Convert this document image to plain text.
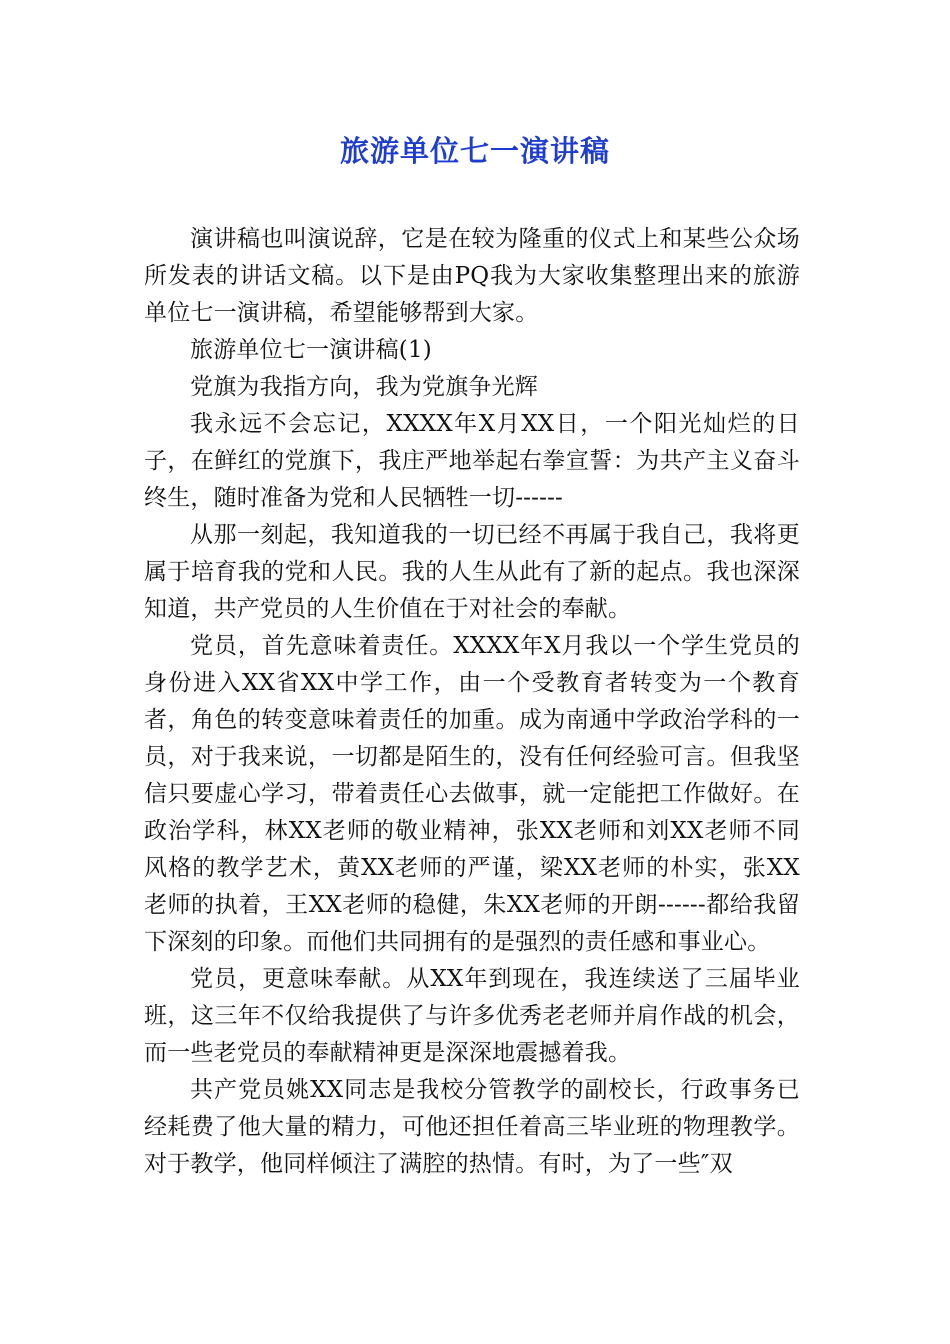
旅游单位七一演讲稿

演讲稿也叫演说辞，它是在较为隆重的仪式上和某些公众场所发表的讲话文稿。以下是由PQ我为大家收集整理出来的旅游单位七一演讲稿，希望能够帮到大家。

旅游单位七一演讲稿(1)

党旗为我指方向，我为党旗争光辉

我永远不会忘记，XXXX年X月XX日，一个阳光灿烂的日子，在鲜红的党旗下，我庄严地举起右拳宣誓：为共产主义奋斗终生，随时准备为党和人民牺牲一切------

从那一刻起，我知道我的一切已经不再属于我自己，我将更属于培育我的党和人民。我的人生从此有了新的起点。我也深深知道，共产党员的人生价值在于对社会的奉献。

党员，首先意味着责任。XXXX年X月我以一个学生党员的身份进入XX省XX中学工作，由一个受教育者转变为一个教育者，角色的转变意味着责任的加重。成为南通中学政治学科的一员，对于我来说，一切都是陌生的，没有任何经验可言。但我坚信只要虚心学习，带着责任心去做事，就一定能把工作做好。在政治学科，林XX老师的敬业精神，张XX老师和刘XX老师不同风格的教学艺术，黄XX老师的严谨，梁XX老师的朴实，张XX老师的执着，王XX老师的稳健，朱XX老师的开朗------都给我留下深刻的印象。而他们共同拥有的是强烈的责任感和事业心。

党员，更意味奉献。从XX年到现在，我连续送了三届毕业班，这三年不仅给我提供了与许多优秀老老师并肩作战的机会，而一些老党员的奉献精神更是深深地震撼着我。

共产党员姚XX同志是我校分管教学的副校长，行政事务已经耗费了他大量的精力，可他还担任着高三毕业班的物理教学。对于教学，他同样倾注了满腔的热情。有时，为了一些″双
